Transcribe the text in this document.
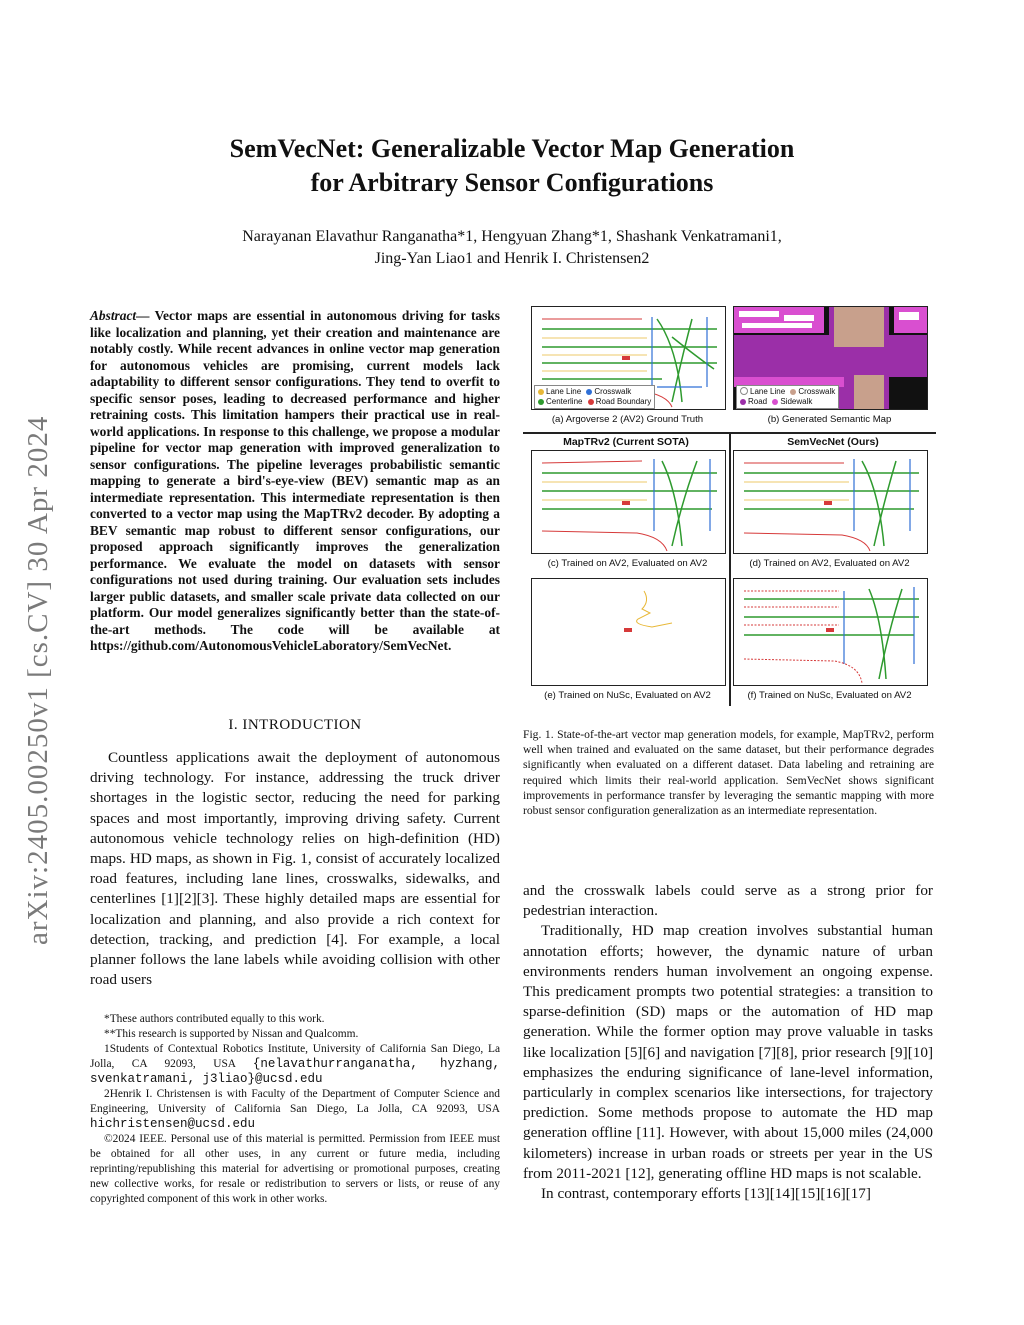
arXiv:2405.00250v1 [cs.CV] 30 Apr 2024
SemVecNet: Generalizable Vector Map Generation
for Arbitrary Sensor Configurations
Narayanan Elavathur Ranganatha*1, Hengyuan Zhang*1, Shashank Venkatramani1,
Jing-Yan Liao1 and Henrik I. Christensen2
Abstract— Vector maps are essential in autonomous driving for tasks like localization and planning, yet their creation and maintenance are notably costly. While recent advances in online vector map generation for autonomous vehicles are promising, current models lack adaptability to different sensor configurations. They tend to overfit to specific sensor poses, leading to decreased performance and higher retraining costs. This limitation hampers their practical use in real-world applications. In response to this challenge, we propose a modular pipeline for vector map generation with improved generalization to sensor configurations. The pipeline leverages probabilistic semantic mapping to generate a bird's-eye-view (BEV) semantic map as an intermediate representation. This intermediate representation is then converted to a vector map using the MapTRv2 decoder. By adopting a BEV semantic map robust to different sensor configurations, our proposed approach significantly improves the generalization performance. We evaluate the model on datasets with sensor configurations not used during training. Our evaluation sets includes larger public datasets, and smaller scale private data collected on our platform. Our model generalizes significantly better than the state-of-the-art methods. The code will be available at https://github.com/AutonomousVehicleLaboratory/SemVecNet.
I. INTRODUCTION

Countless applications await the deployment of autonomous driving technology. For instance, addressing the truck driver shortages in the logistic sector, reducing the need for parking spaces and most importantly, improving driving safety. Current autonomous vehicle technology relies on high-definition (HD) maps. HD maps, as shown in Fig. 1, consist of accurately localized road features, including lane lines, crosswalks, sidewalks, and centerlines [1][2][3]. These highly detailed maps are essential for localization and planning, and also provide a rich context for detection, tracking, and prediction [4]. For example, a local planner follows the lane labels while avoiding collision with other road users

*These authors contributed equally to this work.

**This research is supported by Nissan and Qualcomm.

1Students of Contextual Robotics Institute, University of California San Diego, La Jolla, CA 92093, USA {nelavathurranganatha, hyzhang, svenkatramani, j3liao}@ucsd.edu

2Henrik I. Christensen is with Faculty of the Department of Computer Science and Engineering, University of California San Diego, La Jolla, CA 92093, USA hichristensen@ucsd.edu

©2024 IEEE. Personal use of this material is permitted. Permission from IEEE must be obtained for all other uses, in any current or future media, including reprinting/republishing this material for advertising or promotional purposes, creating new collective works, for resale or redistribution to servers or lists, or reuse of any copyrighted component of this work in other works.

Lane Line Crosswalk
Centerline Road Boundary
(a) Argoverse 2 (AV2) Ground Truth
Lane Line Crosswalk
Road Sidewalk
(b) Generated Semantic Map
MapTRv2 (Current SOTA)	SemVecNet (Ours)
(c) Trained on AV2, Evaluated on AV2	(d) Trained on AV2, Evaluated on AV2
(e) Trained on NuSc, Evaluated on AV2	(f) Trained on NuSc, Evaluated on AV2
Fig. 1. State-of-the-art vector map generation models, for example, MapTRv2, perform well when trained and evaluated on the same dataset, but their performance degrades significantly when evaluated on a different dataset. Data labeling and retraining are required which limits their real-world application. SemVecNet shows significant improvements in performance transfer by leveraging the semantic mapping with more robust sensor configuration generalization as an intermediate representation.

and the crosswalk labels could serve as a strong prior for pedestrian interaction.

Traditionally, HD map creation involves substantial human annotation efforts; however, the dynamic nature of urban environments renders human involvement an ongoing expense. This predicament prompts two potential strategies: a transition to sparse-definition (SD) maps or the automation of HD map generation. While the former option may prove valuable in tasks like localization [5][6] and navigation [7][8], prior research [9][10] emphasizes the enduring significance of lane-level information, particularly in complex scenarios like intersections, for trajectory prediction. Some methods propose to automate the HD map generation offline [11]. However, with about 15,000 miles (24,000 kilometers) increase in urban roads or streets per year in the US from 2011-2021 [12], generating offline HD maps is not scalable.

In contrast, contemporary efforts [13][14][15][16][17]
